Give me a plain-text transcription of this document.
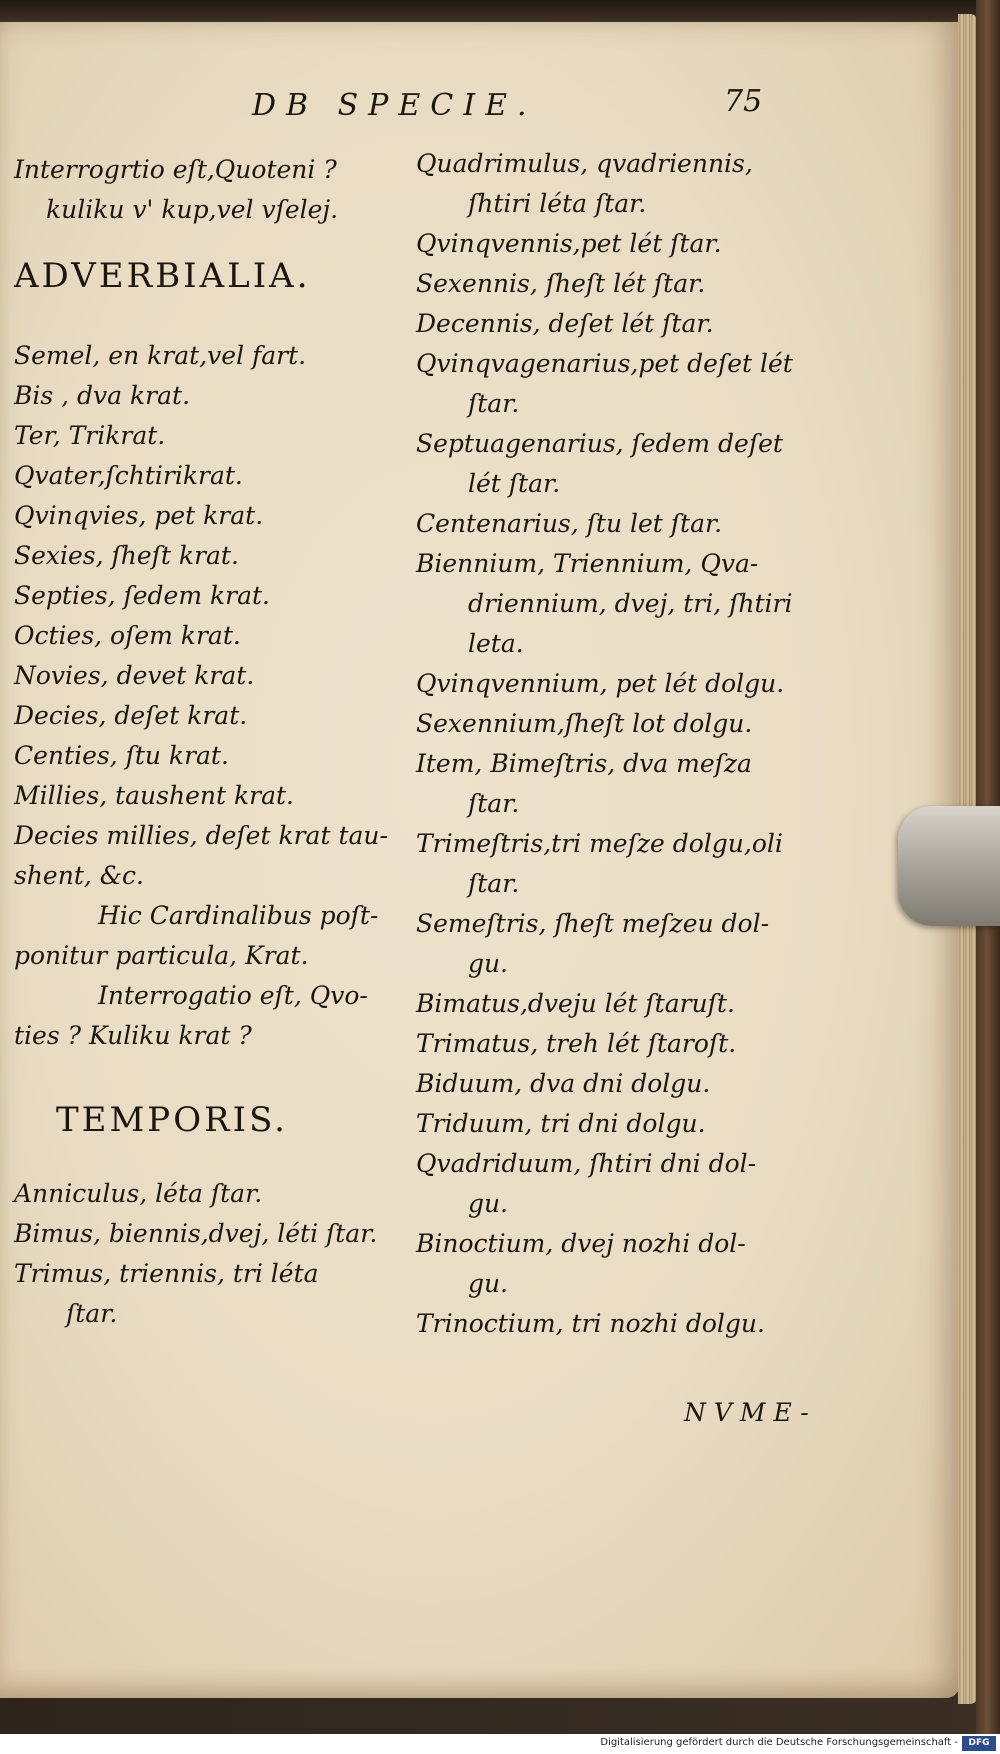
DB SPECIE.	75

Interrogrtio eſt,Quoteni ?

kuliku v' kup,vel vſelej.

ADVERBIALIA.

Semel, en krat,vel fart.

Bis , dva krat.

Ter, Trikrat.

Qvater,ſchtirikrat.

Qvinqvies, pet krat.

Sexies, ſheſt krat.

Septies, ſedem krat.

Octies, oſem krat.

Novies, devet krat.

Decies, deſet krat.

Centies, ſtu krat.

Millies, taushent krat.

Decies millies, deſet krat tau-

shent, &c.

Hic Cardinalibus poſt-

ponitur particula, Krat.

Interrogatio eſt, Qvo-

ties ? Kuliku krat ?

TEMPORIS.

Anniculus, léta ſtar.

Bimus, biennis,dvej, léti ſtar.

Trimus, triennis, tri léta

ſtar.

Quadrimulus, qvadriennis,

ſhtiri léta ſtar.

Qvinqvennis,pet lét ſtar.

Sexennis, ſheſt lét ſtar.

Decennis, deſet lét ſtar.

Qvinqvagenarius,pet deſet lét

ſtar.

Septuagenarius, ſedem deſet

lét ſtar.

Centenarius, ſtu let ſtar.

Biennium, Triennium, Qva-

driennium, dvej, tri, ſhtiri

leta.

Qvinqvennium, pet lét dolgu.

Sexennium,ſheſt lot dolgu.

Item, Bimeſtris, dva meſza

ſtar.

Trimeſtris,tri meſze dolgu,oli

ſtar.

Semeſtris, ſheſt meſzeu dol-

gu.

Bimatus,dveju lét ſtaruſt.

Trimatus, treh lét ſtaroſt.

Biduum, dva dni dolgu.

Triduum, tri dni dolgu.

Qvadriduum, ſhtiri dni dol-

gu.

Binoctium, dvej nozhi dol-

gu.

Trinoctium, tri nozhi dolgu.

NVME-
Digitalisierung gefördert durch die Deutsche Forschungsgemeinschaft -	DFG
